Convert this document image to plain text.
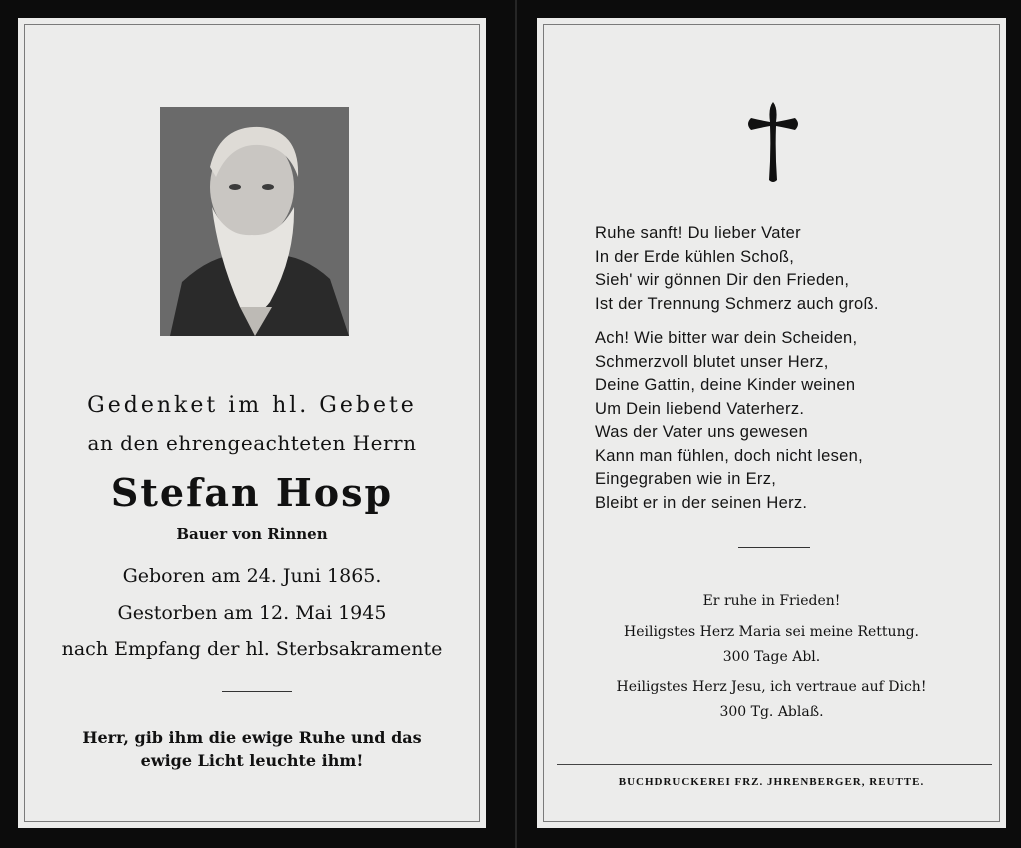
Gedenket im hl. Gebete
an den ehrengeachteten Herrn
Stefan Hosp
Bauer von Rinnen
Geboren am 24. Juni 1865.
Gestorben am 12. Mai 1945
nach Empfang der hl. Sterbsakramente
Herr, gib ihm die ewige Ruhe und das
ewige Licht leuchte ihm!
Ruhe sanft! Du lieber Vater
In der Erde kühlen Schoß,
Sieh' wir gönnen Dir den Frieden,
Ist der Trennung Schmerz auch groß.
Ach! Wie bitter war dein Scheiden,
Schmerzvoll blutet unser Herz,
Deine Gattin, deine Kinder weinen
Um Dein liebend Vaterherz.
Was der Vater uns gewesen
Kann man fühlen, doch nicht lesen,
Eingegraben wie in Erz,
Bleibt er in der seinen Herz.
Er ruhe in Frieden!
Heiligstes Herz Maria sei meine Rettung.
300 Tage Abl.
Heiligstes Herz Jesu, ich vertraue auf Dich!
300 Tg. Ablaß.
BUCHDRUCKEREI FRZ. JHRENBERGER, REUTTE.
